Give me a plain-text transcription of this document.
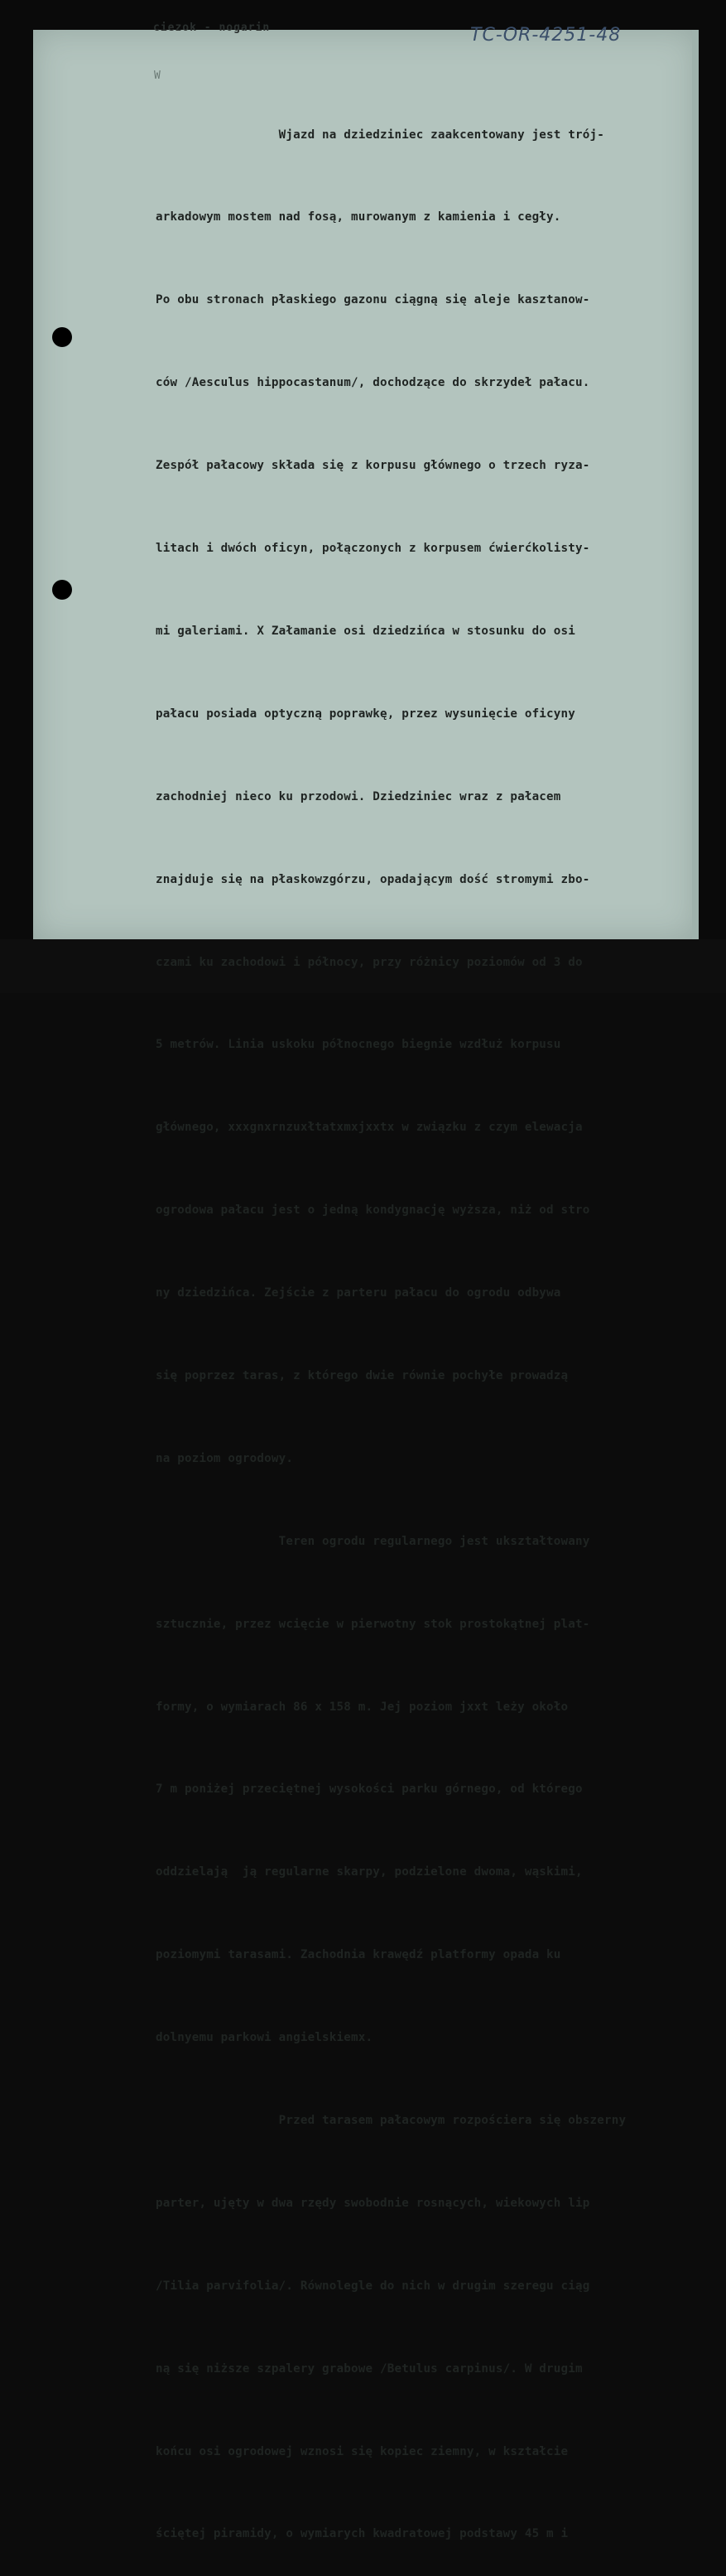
ciezok - nogarin	TC-OR-4251-48
W

Wjazd na dziedziniec zaakcentowany jest trój-

arkadowym mostem nad fosą, murowanym z kamienia i cegły.

Po obu stronach płaskiego gazonu ciągną się aleje kasztanow-

ców /Aesculus hippocastanum/, dochodzące do skrzydeł pałacu.

Zespół pałacowy składa się z korpusu głównego o trzech ryza-

litach i dwóch oficyn, połączonych z korpusem ćwierćkolisty-

mi galeriami. X Załamanie osi dziedzińca w stosunku do osi

pałacu posiada optyczną poprawkę, przez wysunięcie oficyny

zachodniej nieco ku przodowi. Dziedziniec wraz z pałacem

znajduje się na płaskowzgórzu, opadającym dość stromymi zbo-

czami ku zachodowi i północy, przy różnicy poziomów od 3 do

5 metrów. Linia uskoku północnego biegnie wzdłuż korpusu

głównego, xxxgnxrnzuxłtatxmxjxxtx w związku z czym elewacja

ogrodowa pałacu jest o jedną kondygnację wyższa, niż od stro

ny dziedzińca. Zejście z parteru pałacu do ogrodu odbywa

się poprzez taras, z którego dwie równie pochyłe prowadzą

na poziom ogrodowy.

Teren ogrodu regularnego jest ukształtowany

sztucznie, przez wcięcie w pierwotny stok prostokątnej plat-

formy, o wymiarach 86 x 158 m. Jej poziom jxxt leży około

7 m poniżej przeciętnej wysokości parku górnego, od którego

oddzielają  ją regularne skarpy, podzielone dwoma, wąskimi,

poziomymi tarasami. Zachodnia krawędź platformy opada ku

dolnyemu parkowi angielskiemx.

Przed tarasem pałacowym rozpościera się obszerny

parter, ujęty w dwa rzędy swobodnie rosnących, wiekowych lip

/Tilia parvifolia/. Równolegle do nich w drugim szeregu ciąg

ną się niższe szpalery grabowe /Betulus carpinus/. W drugim

końcu osi ogrodowej wznosi się kopiec ziemny, w kształcie

ściętej piramidy, o wymiarych kwadratowej podstawy 45 m i
